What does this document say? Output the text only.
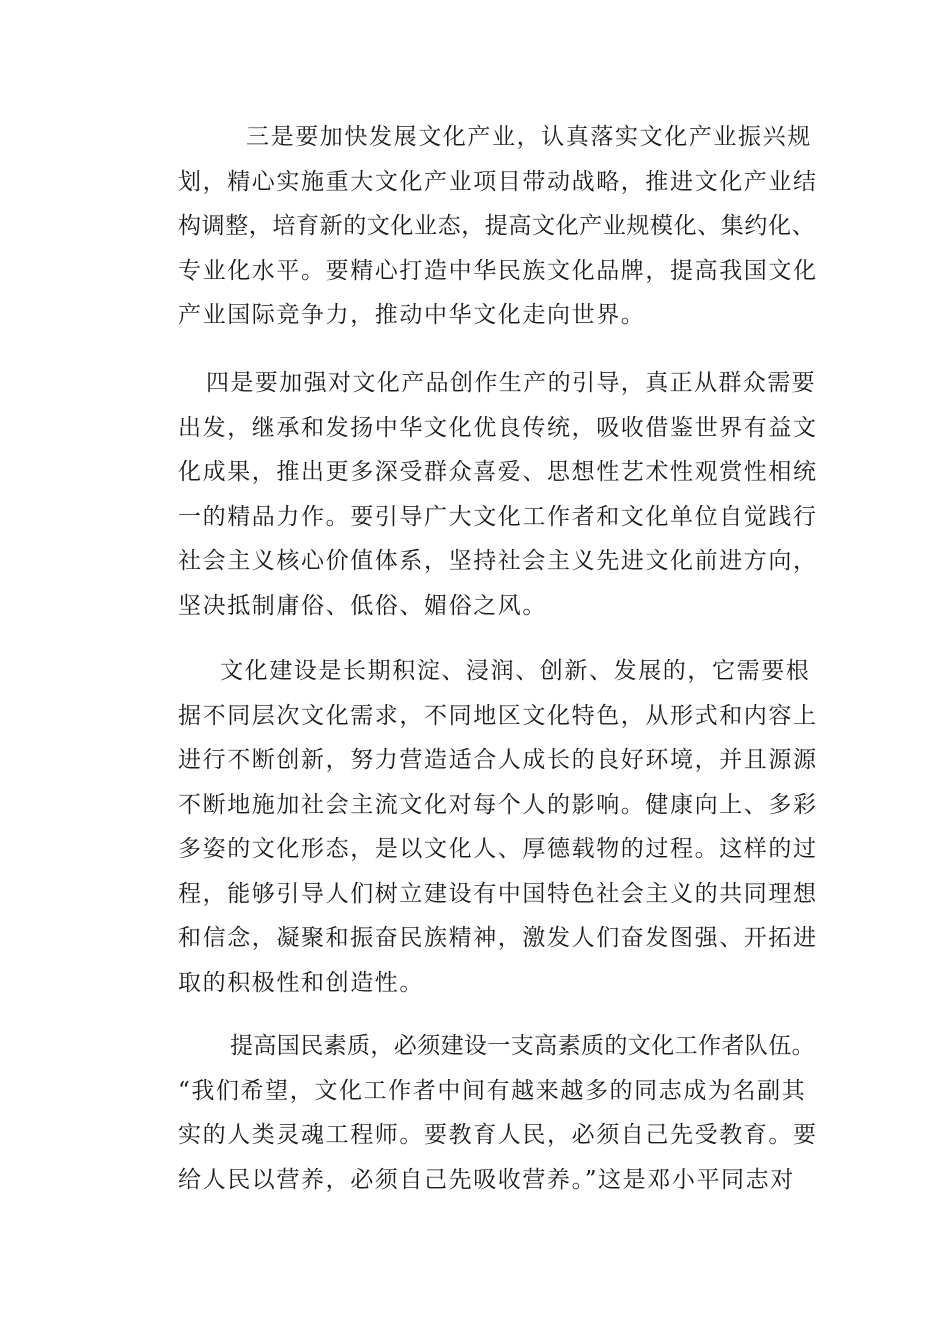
三是要加快发展文化产业，认真落实文化产业振兴规
划，精心实施重大文化产业项目带动战略，推进文化产业结
构调整，培育新的文化业态，提高文化产业规模化、集约化、
专业化水平。要精心打造中华民族文化品牌，提高我国文化
产业国际竞争力，推动中华文化走向世界。
四是要加强对文化产品创作生产的引导，真正从群众需要
出发，继承和发扬中华文化优良传统，吸收借鉴世界有益文
化成果，推出更多深受群众喜爱、思想性艺术性观赏性相统
一的精品力作。要引导广大文化工作者和文化单位自觉践行
社会主义核心价值体系，坚持社会主义先进文化前进方向，
坚决抵制庸俗、低俗、媚俗之风。
文化建设是长期积淀、浸润、创新、发展的，它需要根
据不同层次文化需求，不同地区文化特色，从形式和内容上
进行不断创新，努力营造适合人成长的良好环境，并且源源
不断地施加社会主流文化对每个人的影响。健康向上、多彩
多姿的文化形态，是以文化人、厚德载物的过程。这样的过
程，能够引导人们树立建设有中国特色社会主义的共同理想
和信念，凝聚和振奋民族精神，激发人们奋发图强、开拓进
取的积极性和创造性。
提高国民素质，必须建设一支高素质的文化工作者队伍。
“我们希望，文化工作者中间有越来越多的同志成为名副其
实的人类灵魂工程师。要教育人民，必须自己先受教育。要
给人民以营养，必须自己先吸收营养。”这是邓小平同志对
